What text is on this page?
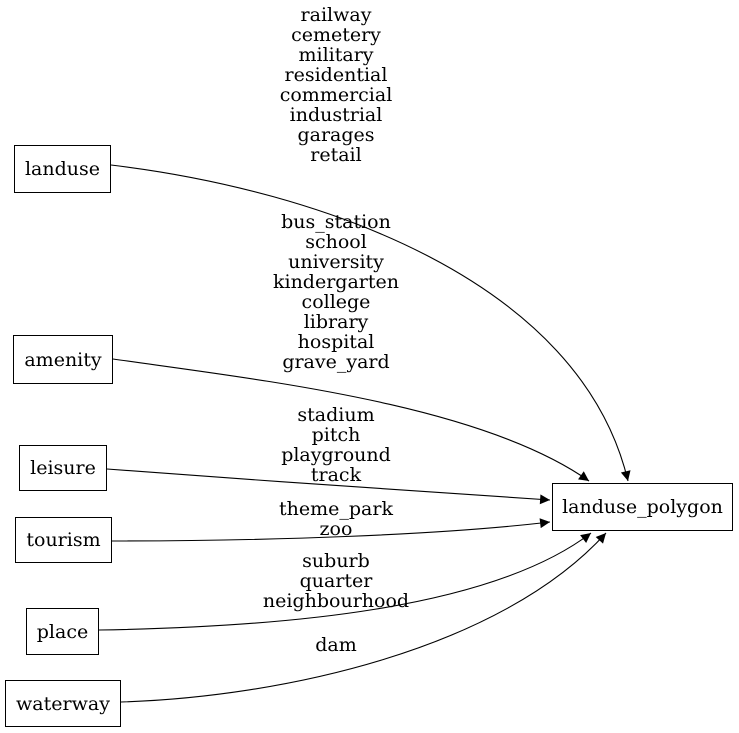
landuse
amenity
leisure
tourism
place
waterway
landuse_polygon
railway
cemetery
military
residential
commercial
industrial
garages
retail
bus_station
school
university
kindergarten
college
library
hospital
grave_yard
stadium
pitch
playground
track
theme_park
zoo
suburb
quarter
neighbourhood
dam
